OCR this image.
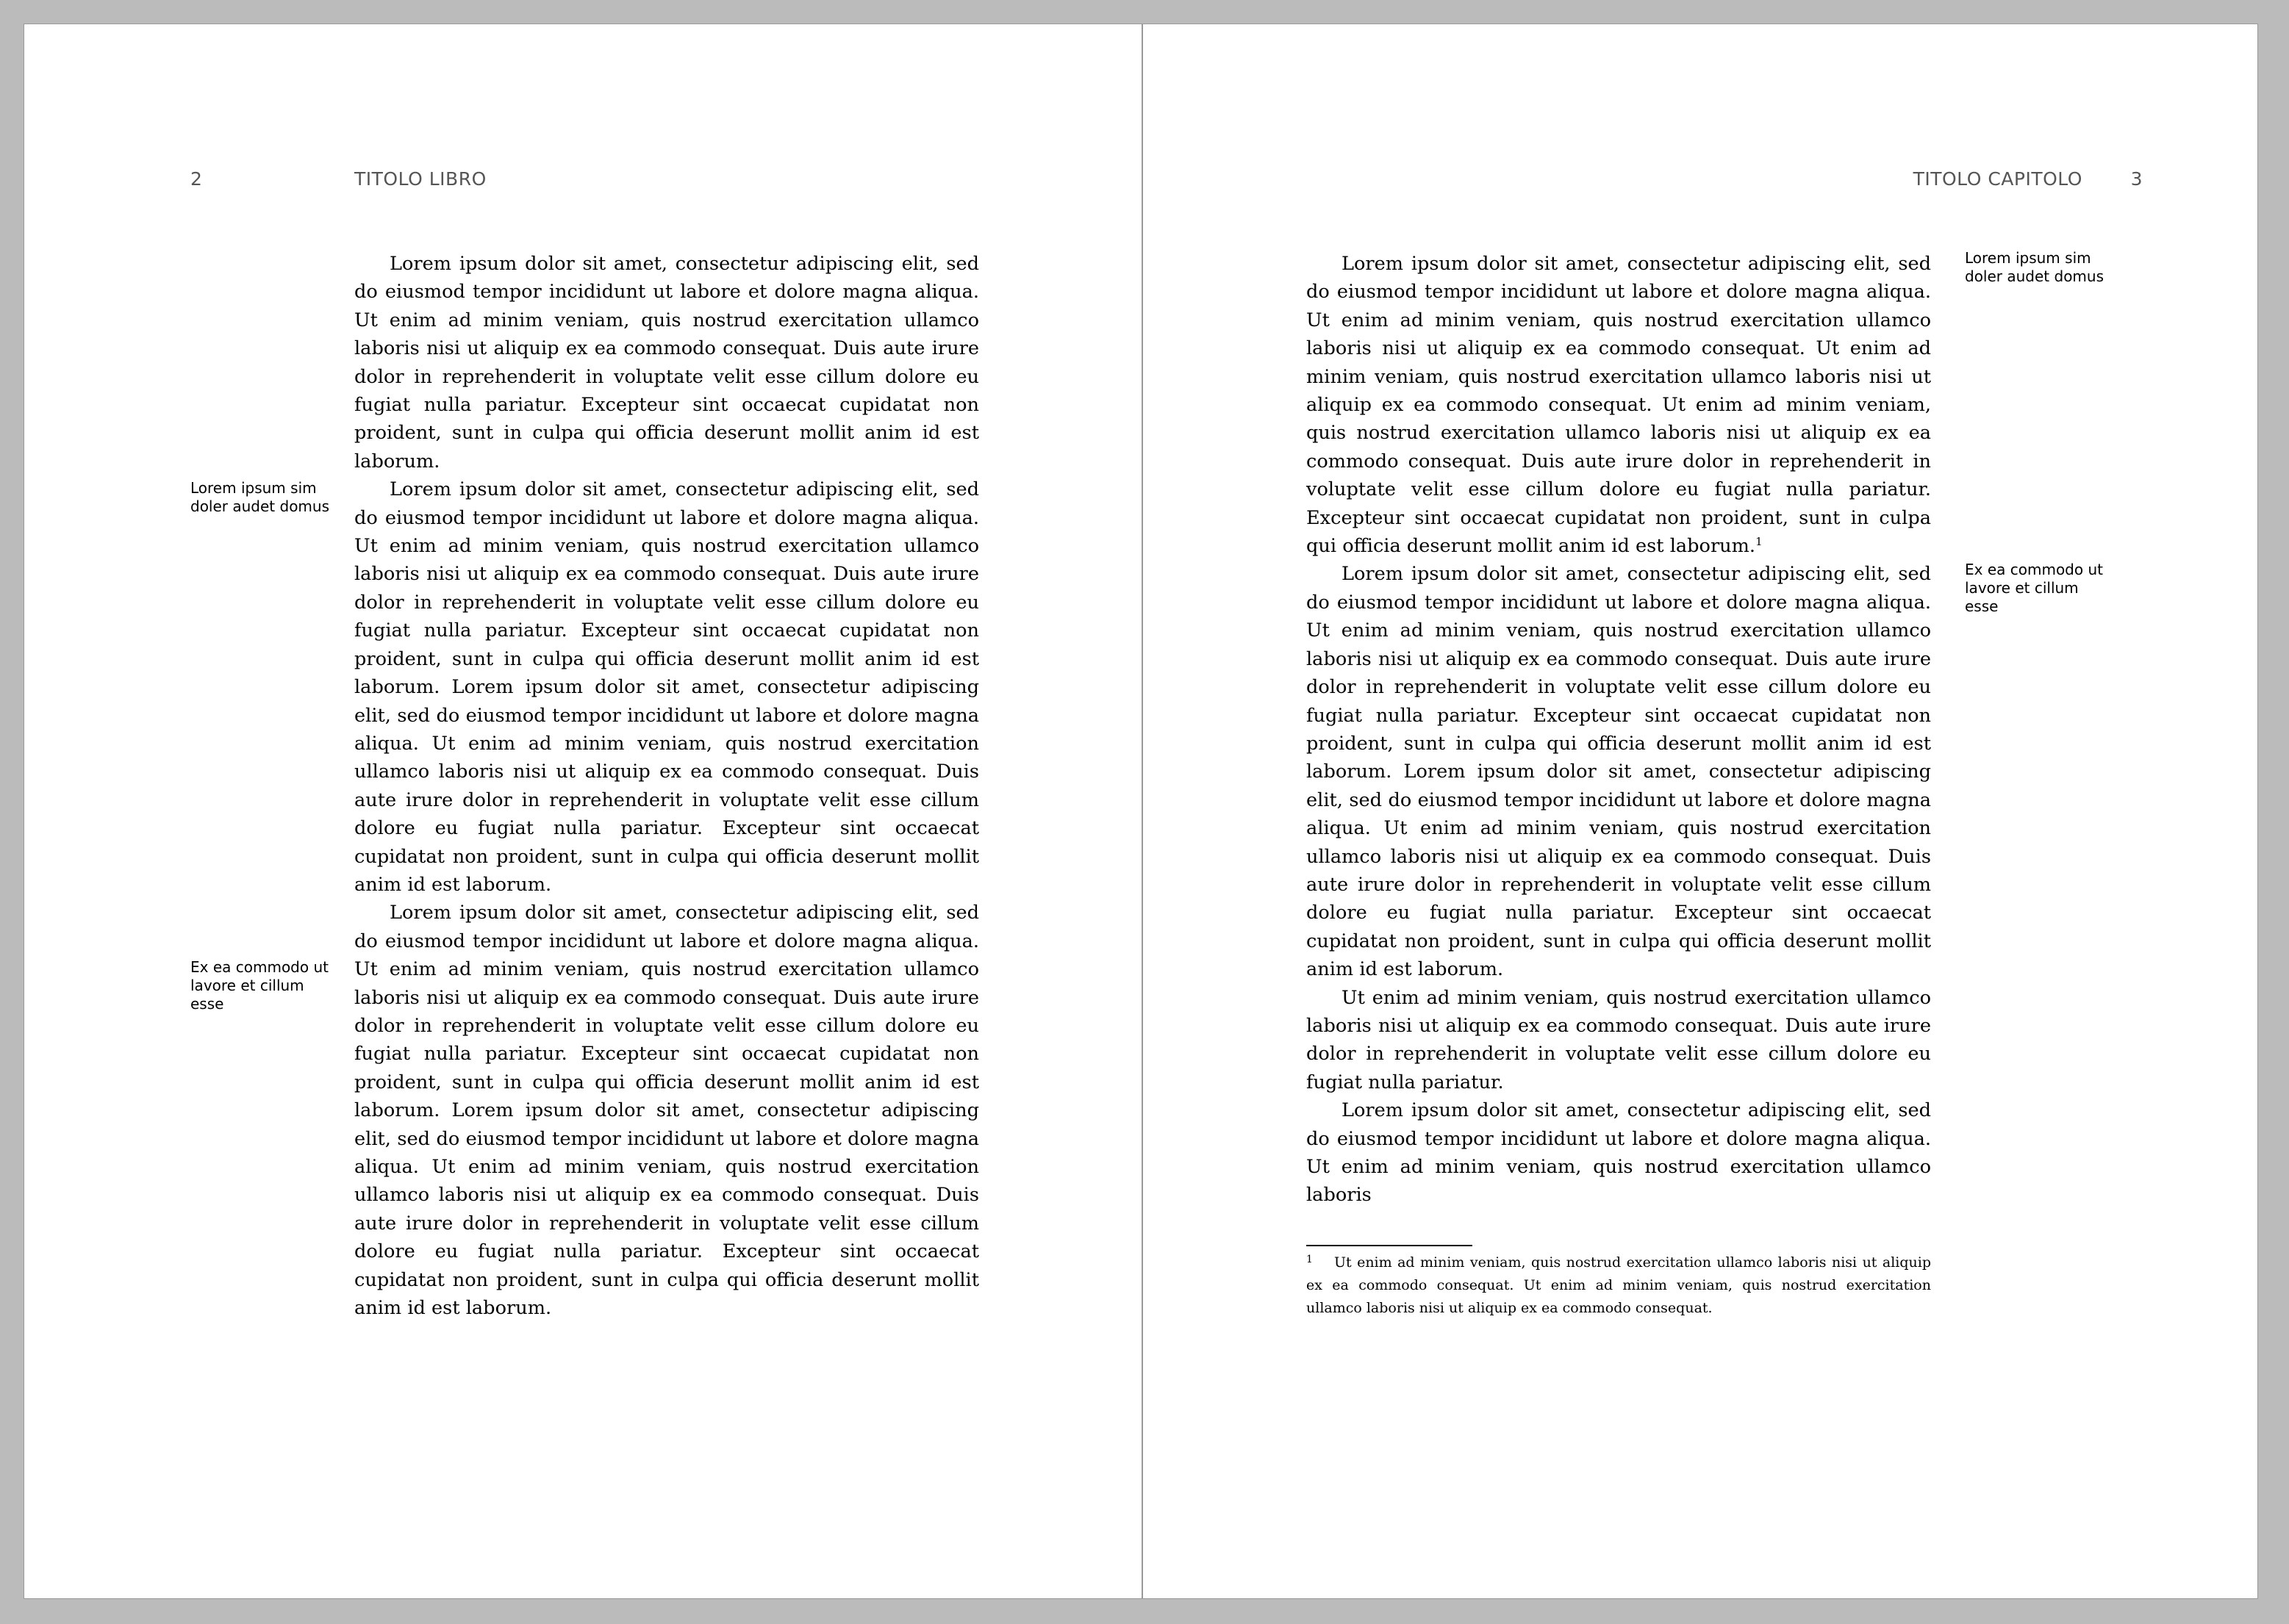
2	TITOLO LIBRO

Lorem ipsum dolor sit amet, consectetur adipiscing elit, sed do eiusmod tempor incididunt ut labore et dolore magna aliqua. Ut enim ad minim veniam, quis nostrud exercitation ullamco laboris nisi ut aliquip ex ea commodo consequat. Duis aute irure dolor in reprehenderit in voluptate velit esse cillum dolore eu fugiat nulla pariatur. Excepteur sint occaecat cupidatat non proident, sunt in culpa qui officia deserunt mollit anim id est laborum.

Lorem ipsum dolor sit amet, consectetur adipiscing elit, sed do eiusmod tempor incididunt ut labore et dolore magna aliqua. Ut enim ad minim veniam, quis nostrud exercitation ullamco laboris nisi ut aliquip ex ea commodo consequat. Duis aute irure dolor in reprehenderit in voluptate velit esse cillum dolore eu fugiat nulla pariatur. Excepteur sint occaecat cupidatat non proident, sunt in culpa qui officia deserunt mollit anim id est laborum. Lorem ipsum dolor sit amet, consectetur adipiscing elit, sed do eiusmod tempor incididunt ut labore et dolore magna aliqua. Ut enim ad minim veniam, quis nostrud exercitation ullamco laboris nisi ut aliquip ex ea commodo consequat. Duis aute irure dolor in reprehenderit in voluptate velit esse cillum dolore eu fugiat nulla pariatur. Excepteur sint occaecat cupidatat non proident, sunt in culpa qui officia deserunt mollit anim id est laborum.

Lorem ipsum dolor sit amet, consectetur adipiscing elit, sed do eiusmod tempor incididunt ut labore et dolore magna aliqua. Ut enim ad minim veniam, quis nostrud exercitation ullamco laboris nisi ut aliquip ex ea commodo consequat. Duis aute irure dolor in reprehenderit in voluptate velit esse cillum dolore eu fugiat nulla pariatur. Excepteur sint occaecat cupidatat non proident, sunt in culpa qui officia deserunt mollit anim id est laborum. Lorem ipsum dolor sit amet, consectetur adipiscing elit, sed do eiusmod tempor incididunt ut labore et dolore magna aliqua. Ut enim ad minim veniam, quis nostrud exercitation ullamco laboris nisi ut aliquip ex ea commodo consequat. Duis aute irure dolor in reprehenderit in voluptate velit esse cillum dolore eu fugiat nulla pariatur. Excepteur sint occaecat cupidatat non proident, sunt in culpa qui officia deserunt mollit anim id est laborum.

Lorem ipsum sim doler audet domus
Ex ea commodo ut lavore et cillum esse
TITOLO CAPITOLO	3

Lorem ipsum dolor sit amet, consectetur adipiscing elit, sed do eiusmod tempor incididunt ut labore et dolore magna aliqua. Ut enim ad minim veniam, quis nostrud exercitation ullamco laboris nisi ut aliquip ex ea commodo consequat. Ut enim ad minim veniam, quis nostrud exercitation ullamco laboris nisi ut aliquip ex ea commodo consequat. Ut enim ad minim veniam, quis nostrud exercitation ullamco laboris nisi ut aliquip ex ea commodo consequat. Duis aute irure dolor in reprehenderit in voluptate velit esse cillum dolore eu fugiat nulla pariatur. Excepteur sint occaecat cupidatat non proident, sunt in culpa qui officia deserunt mollit anim id est laborum.$^1$

Lorem ipsum dolor sit amet, consectetur adipiscing elit, sed do eiusmod tempor incididunt ut labore et dolore magna aliqua. Ut enim ad minim veniam, quis nostrud exercitation ullamco laboris nisi ut aliquip ex ea commodo consequat. Duis aute irure dolor in reprehenderit in voluptate velit esse cillum dolore eu fugiat nulla pariatur. Excepteur sint occaecat cupidatat non proident, sunt in culpa qui officia deserunt mollit anim id est laborum. Lorem ipsum dolor sit amet, consectetur adipiscing elit, sed do eiusmod tempor incididunt ut labore et dolore magna aliqua. Ut enim ad minim veniam, quis nostrud exercitation ullamco laboris nisi ut aliquip ex ea commodo consequat. Duis aute irure dolor in reprehenderit in voluptate velit esse cillum dolore eu fugiat nulla pariatur. Excepteur sint occaecat cupidatat non proident, sunt in culpa qui officia deserunt mollit anim id est laborum.

Ut enim ad minim veniam, quis nostrud exercitation ullamco laboris nisi ut aliquip ex ea commodo consequat. Duis aute irure dolor in reprehenderit in voluptate velit esse cillum dolore eu fugiat nulla pariatur.

Lorem ipsum dolor sit amet, consectetur adipiscing elit, sed do eiusmod tempor incididunt ut labore et dolore magna aliqua. Ut enim ad minim veniam, quis nostrud exercitation ullamco laboris

Lorem ipsum sim doler audet domus
Ex ea commodo ut lavore et cillum esse
1 Ut enim ad minim veniam, quis nostrud exercitation ullamco laboris nisi ut aliquip ex ea commodo consequat. Ut enim ad minim veniam, quis nostrud exercitation ullamco laboris nisi ut aliquip ex ea commodo consequat.
